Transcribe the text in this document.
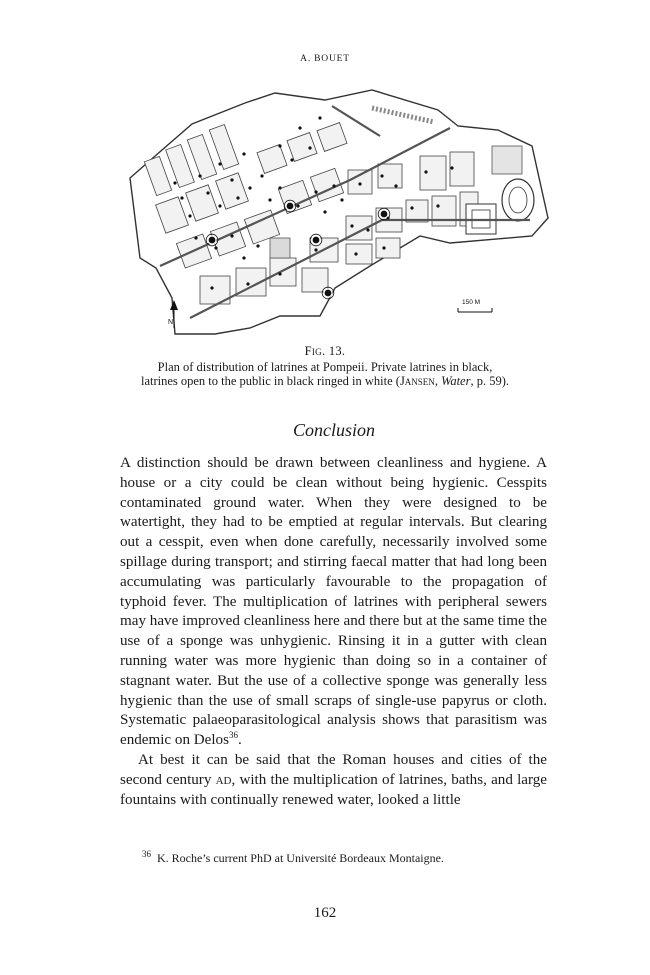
A. BOUET
N
150 M
Fig. 13.
Plan of distribution of latrines at Pompeii. Private latrines in black,
latrines open to the public in black ringed in white (Jansen, Water, p. 59).
Conclusion

A distinction should be drawn between cleanliness and hygiene. A house or a city could be clean without being hygienic. Cesspits contaminated ground water. When they were designed to be watertight, they had to be emptied at regular intervals. But clearing out a cesspit, even when done carefully, necessarily involved some spillage during transport; and stirring faecal matter that had long been accumulating was particularly favourable to the propagation of typhoid fever. The multiplication of latrines with peripheral sewers may have improved cleanliness here and there but at the same time the use of a sponge was unhygienic. Rinsing it in a gutter with clean running water was more hygienic than doing so in a container of stagnant water. But the use of a collective sponge was generally less hygienic than the use of small scraps of single-use papyrus or cloth. Systematic palaeoparasitological analysis shows that parasitism was endemic on Delos$^{36}$.

At best it can be said that the Roman houses and cities of the second century ad, with the multiplication of latrines, baths, and large fountains with continually renewed water, looked a little

$^{36}$ K. Roche’s current PhD at Université Bordeaux Montaigne.
162
